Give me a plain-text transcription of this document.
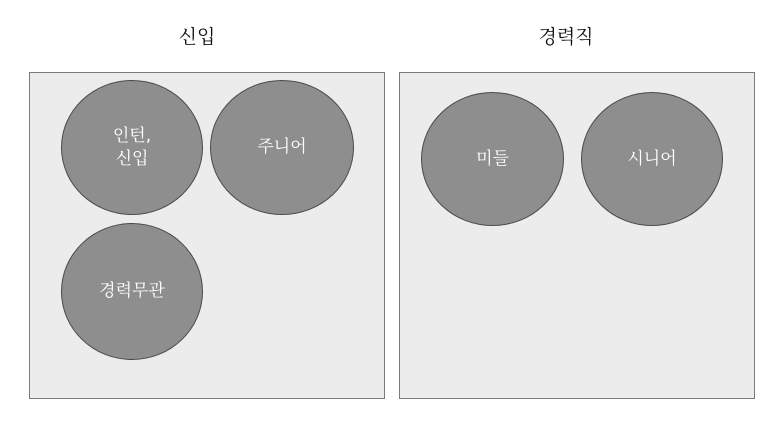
신입	경력직
인턴,
신입
주니어
경력무관
미들	시니어
